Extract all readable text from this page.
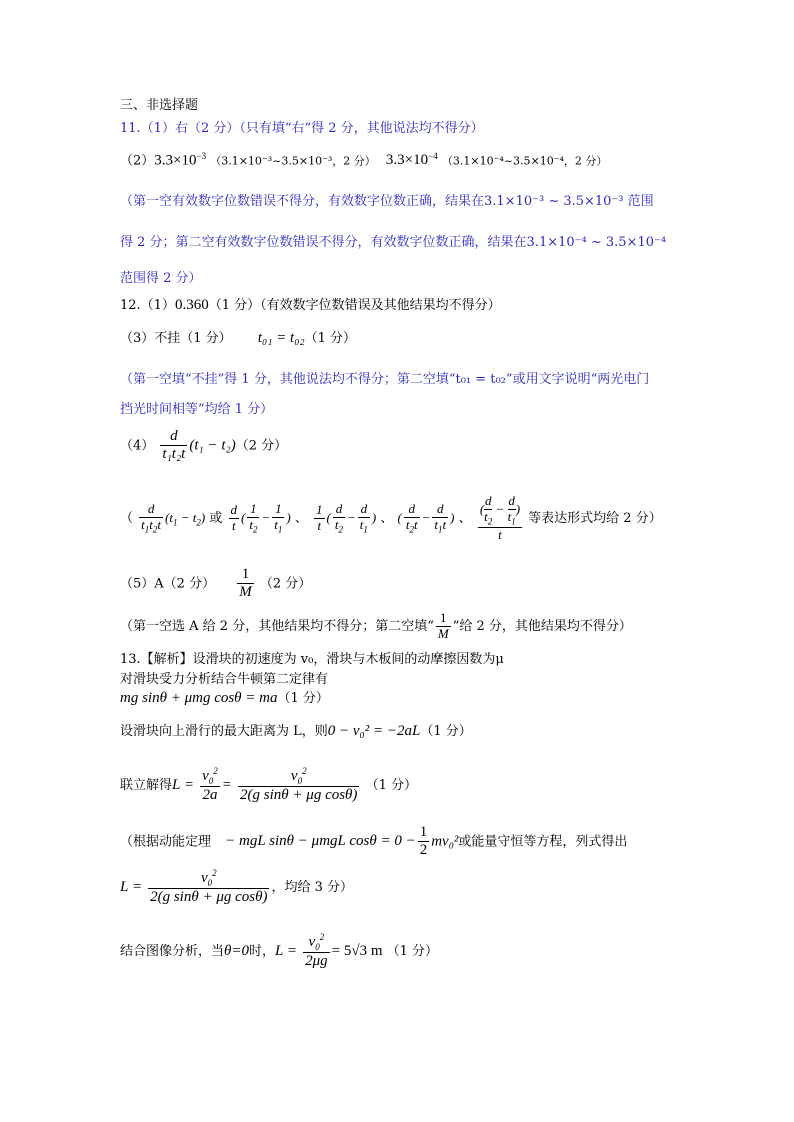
三、非选择题
11.（1）右（2 分）（只有填“右”得 2 分，其他说法均不得分）
$(2)3.3\times 10^{-3}$ （3.1×10⁻³~3.5×10⁻³，2 分） $3.3\times 10^{-4}$ （3.1×10⁻⁴~3.5×10⁻⁴，2 分）
（第一空有效数字位数错误不得分，有效数字位数正确，结果在3.1×10⁻³ ~ 3.5×10⁻³ 范围
得 2 分；第二空有效数字位数错误不得分，有效数字位数正确，结果在3.1×10⁻⁴ ~ 3.5×10⁻⁴
范围得 2 分）
12.（1）0.360（1 分）（有效数字位数错误及其他结果均不得分）
（3）不挂（1 分） t₀₁ = t₀₂（1 分）
（第一空填“不挂”得 1 分，其他说法均不得分；第二空填“t₀₁ = t₀₂”或用文字说明“两光电门
挡光时间相等”均给 1 分）
$(4) \frac{d}{\text{t₁t₂t}} (t_1 - t_2)(2$ 分）
（ $\frac{d}{t_1t_2t} (t_1 - t_2)$ 或 $\frac{d}{t}$ ( $\frac{1}{t_2} - \frac{1}{t_1}$ ) 、 $\frac{1}{t}$ ( $\frac{d}{t_2} - \frac{d}{t_1}$ ) 、 ( $\frac{d}{t_2t} - \frac{d}{t_1t}$ ) 、 $\frac{( \frac{d}{t_2} - \frac{d}{t_1} )}{t}$ 等表达形式均给 2 分）
（5）A（2 分） $\frac{1}{M} (2$ 分）
（第一空选 A 给 2 分，其他结果均不得分；第二空填“ $\frac{1}{M}$ ”给 2 分，其他结果均不得分）
13.【解析】设滑块的初速度为 v₀，滑块与木板间的动摩擦因数为μ
对滑块受力分析结合牛顿第二定律有
mg sinθ + μmg cosθ = ma（1 分）
设滑块向上滑行的最大距离为 L，则0 − v₀² = −2aL（1 分）
联立解得$L = \frac{v_0^2}{2a} = \frac{v_0^2}{\text{2(g sinθ + μg cosθ)}} (1$ 分）
（根据动能定理 − mgL sinθ − μmgL $\cos\theta = 0 - \frac{1}{2} mv_0^2$或能量守恒等方程，列式得出
$L = \frac{v_0^2}{\text{2(g sinθ + μg cosθ)}}$ ，均给 3 分）
结合图像分析，当θ=0时，$L = \frac{v_0^2}{2\mu g} = 5√3$ m （1 分）
